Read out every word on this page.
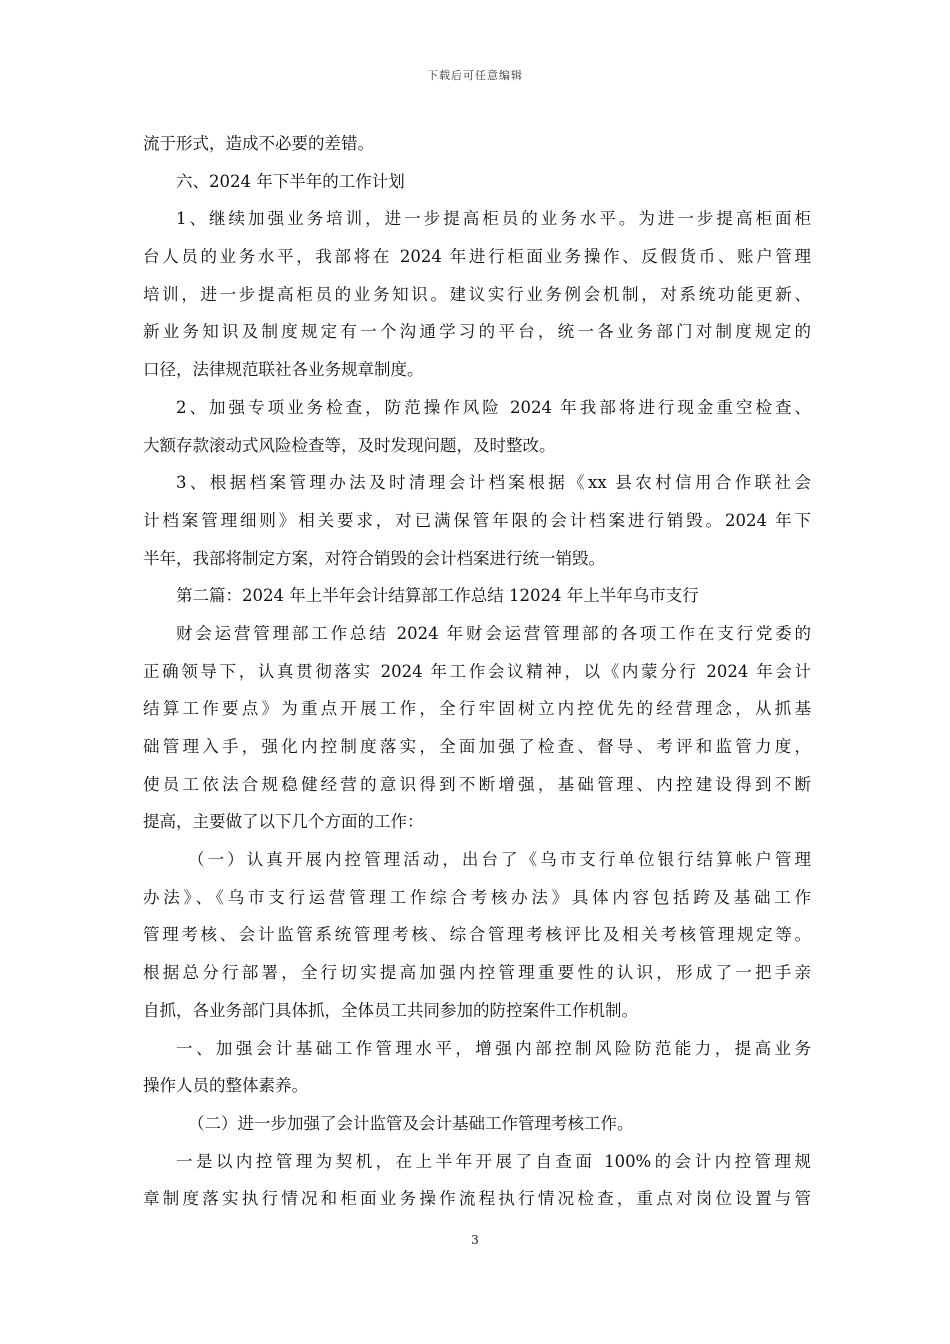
下载后可任意编辑
流于形式，造成不必要的差错。
六、2024 年下半年的工作计划
1、继续加强业务培训，进一步提高柜员的业务水平。为进一步提高柜面柜
台人员的业务水平，我部将在 2024 年进行柜面业务操作、反假货币、账户管理
培训，进一步提高柜员的业务知识。建议实行业务例会机制，对系统功能更新、
新业务知识及制度规定有一个沟通学习的平台，统一各业务部门对制度规定的
口径，法律规范联社各业务规章制度。
2、加强专项业务检查，防范操作风险 2024 年我部将进行现金重空检查、
大额存款滚动式风险检查等，及时发现问题，及时整改。
3、根据档案管理办法及时清理会计档案根据《xx 县农村信用合作联社会
计档案管理细则》相关要求，对已满保管年限的会计档案进行销毁。2024 年下
半年，我部将制定方案，对符合销毁的会计档案进行统一销毁。
第二篇：2024 年上半年会计结算部工作总结 12024 年上半年乌市支行
财会运营管理部工作总结 2024 年财会运营管理部的各项工作在支行党委的
正确领导下，认真贯彻落实 2024 年工作会议精神，以《内蒙分行 2024 年会计
结算工作要点》为重点开展工作，全行牢固树立内控优先的经营理念，从抓基
础管理入手，强化内控制度落实，全面加强了检查、督导、考评和监管力度，
使员工依法合规稳健经营的意识得到不断增强，基础管理、内控建设得到不断
提高，主要做了以下几个方面的工作：
（一）认真开展内控管理活动，出台了《乌市支行单位银行结算帐户管理
办法》、《乌市支行运营管理工作综合考核办法》具体内容包括跨及基础工作
管理考核、会计监管系统管理考核、综合管理考核评比及相关考核管理规定等。
根据总分行部署，全行切实提高加强内控管理重要性的认识，形成了一把手亲
自抓，各业务部门具体抓，全体员工共同参加的防控案件工作机制。
一、加强会计基础工作管理水平，增强内部控制风险防范能力，提高业务
操作人员的整体素养。
（二）进一步加强了会计监管及会计基础工作管理考核工作。
一是以内控管理为契机，在上半年开展了自查面 100%的会计内控管理规
章制度落实执行情况和柜面业务操作流程执行情况检查，重点对岗位设置与管
3
